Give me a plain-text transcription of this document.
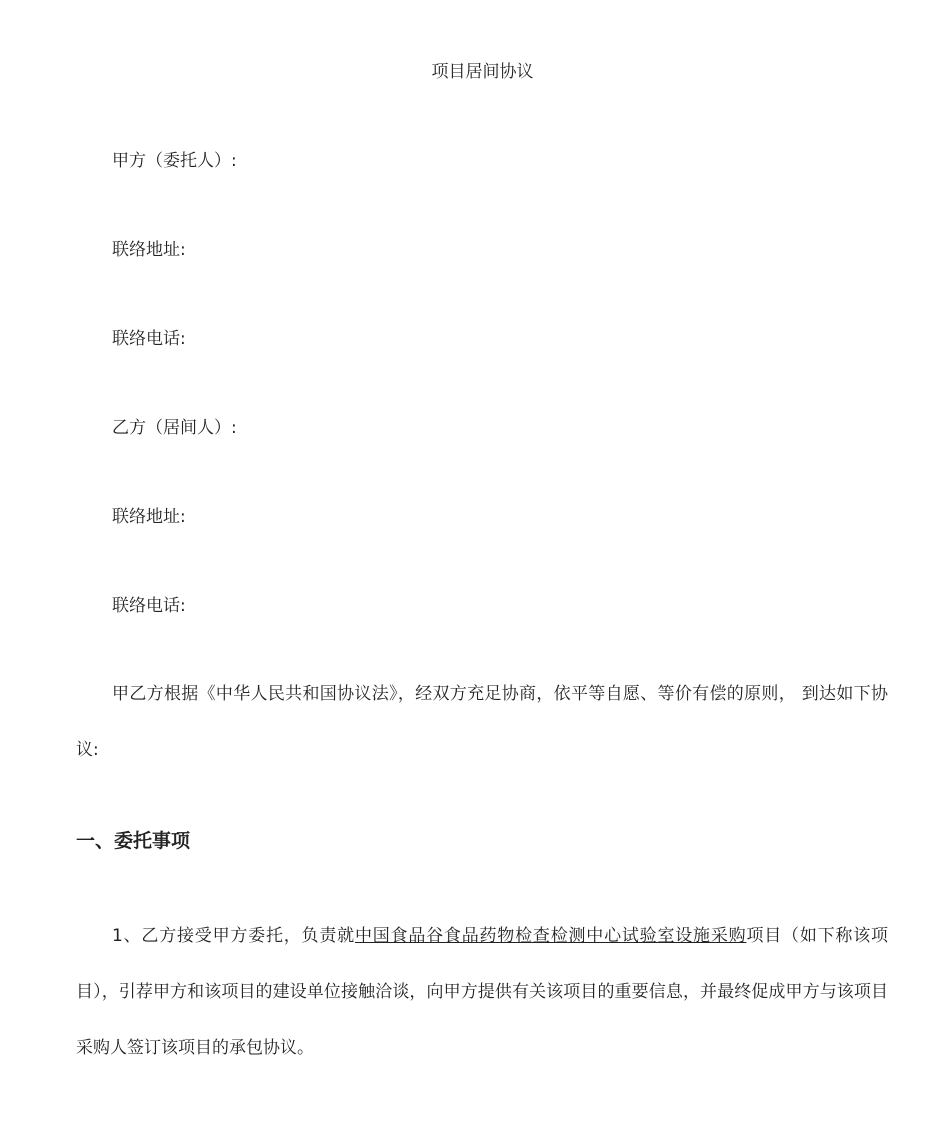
项目居间协议
甲方（委托人）:
联络地址:
联络电话:
乙方（居间人）:
联络地址:
联络电话:

甲乙方根据《中华人民共和国协议法》，经双方充足协商，依平等自愿、等价有偿的原则， 到达如下协议:

一、委托事项

1、乙方接受甲方委托，负责就中国食品谷食品药物检查检测中心试验室设施采购项目（如下称该项目），引荐甲方和该项目的建设单位接触洽谈，向甲方提供有关该项目的重要信息，并最终促成甲方与该项目采购人签订该项目的承包协议。
